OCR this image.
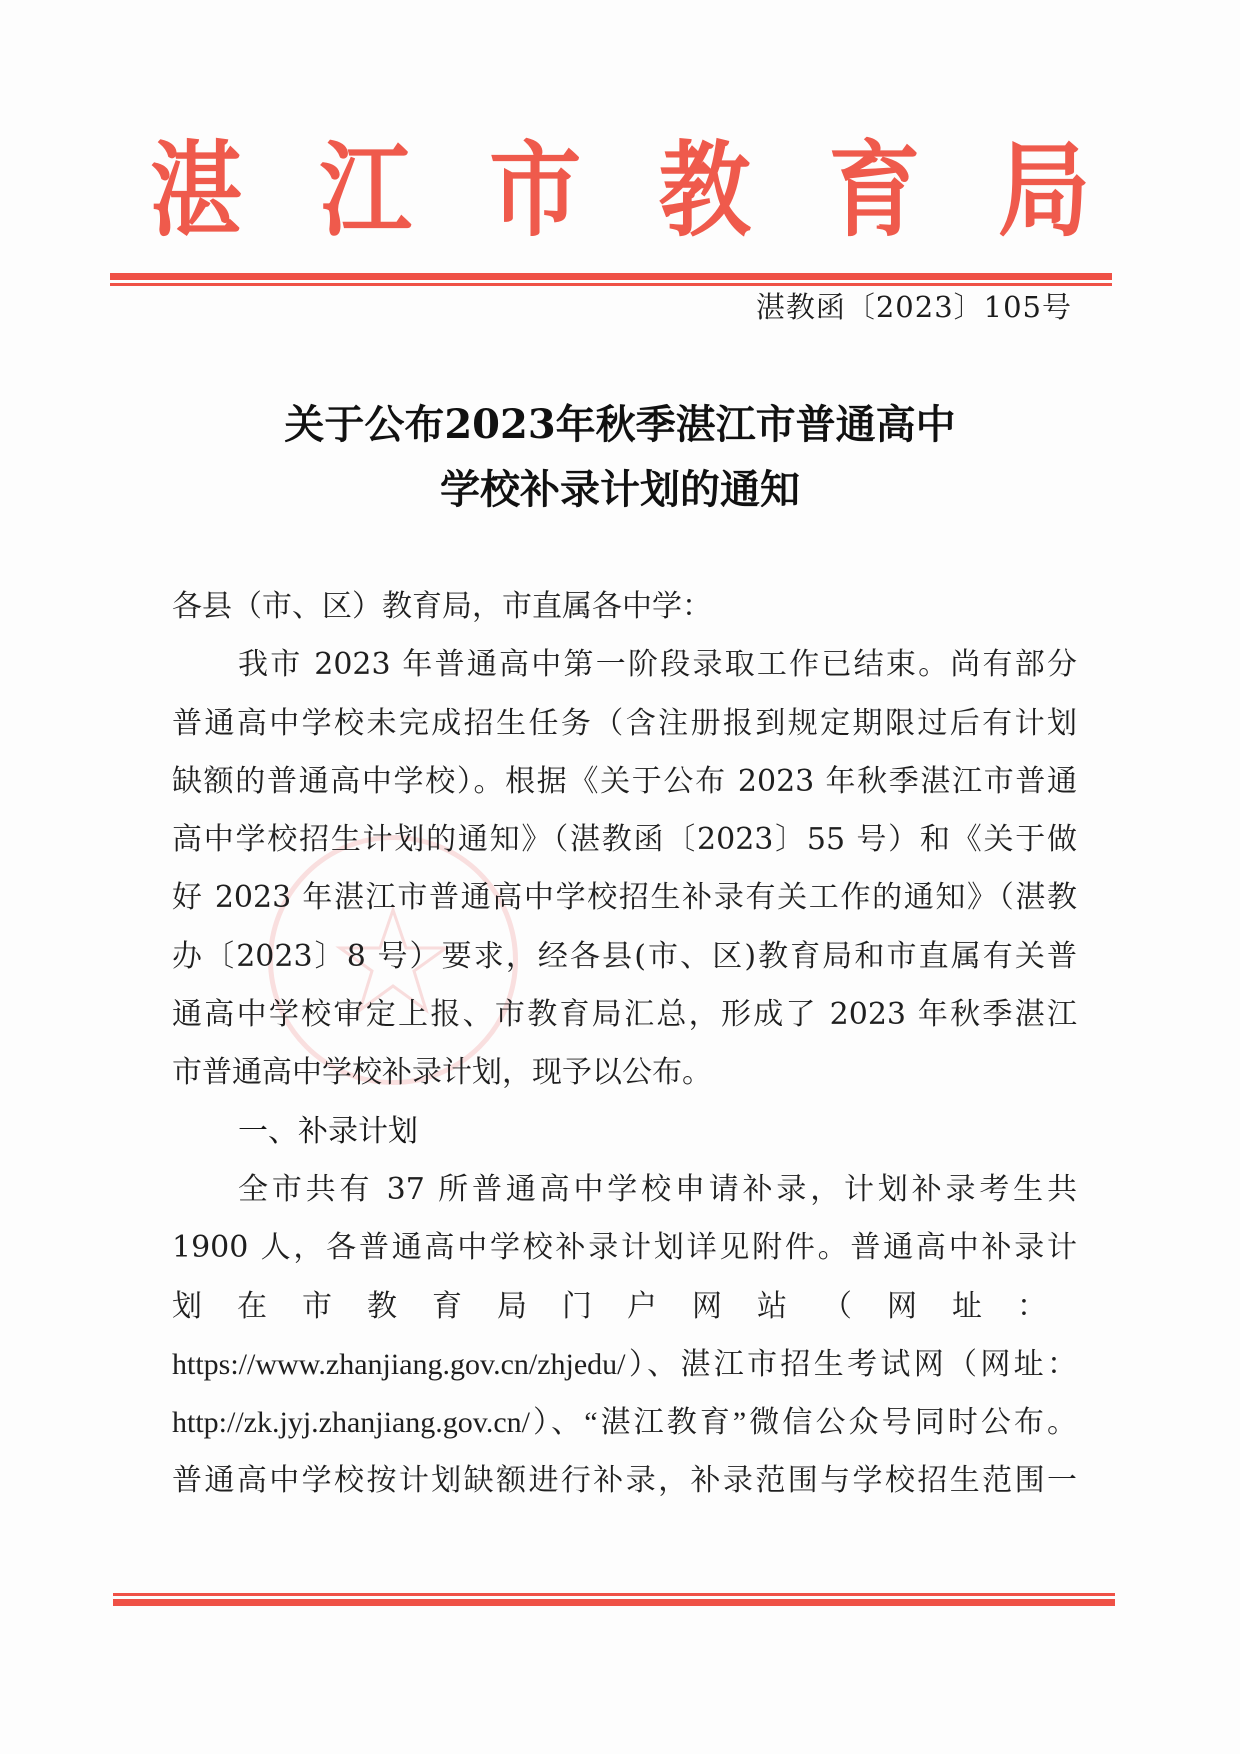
湛 江 市 教 育 局
湛教函〔2023〕105号
关于公布2023年秋季湛江市普通高中
学校补录计划的通知
各县（市、区）教育局，市直属各中学：
我市 2023 年普通高中第一阶段录取工作已结束。尚有部分
普通高中学校未完成招生任务（含注册报到规定期限过后有计划
缺额的普通高中学校）。根据《关于公布 2023 年秋季湛江市普通
高中学校招生计划的通知》（湛教函〔2023〕55 号）和《关于做
好 2023 年湛江市普通高中学校招生补录有关工作的通知》（湛教
办〔2023〕8 号）要求，经各县(市、区)教育局和市直属有关普
通高中学校审定上报、市教育局汇总，形成了 2023 年秋季湛江
市普通高中学校补录计划，现予以公布。
一、补录计划
全市共有 37 所普通高中学校申请补录，计划补录考生共
1900 人，各普通高中学校补录计划详见附件。普通高中补录计
划在市教育局门户网站（网址：
https://www.zhanjiang.gov.cn/zhjedu/）、湛江市招生考试网（网址：
http://zk.jyj.zhanjiang.gov.cn/）、“湛江教育”微信公众号同时公布。
普通高中学校按计划缺额进行补录，补录范围与学校招生范围一
